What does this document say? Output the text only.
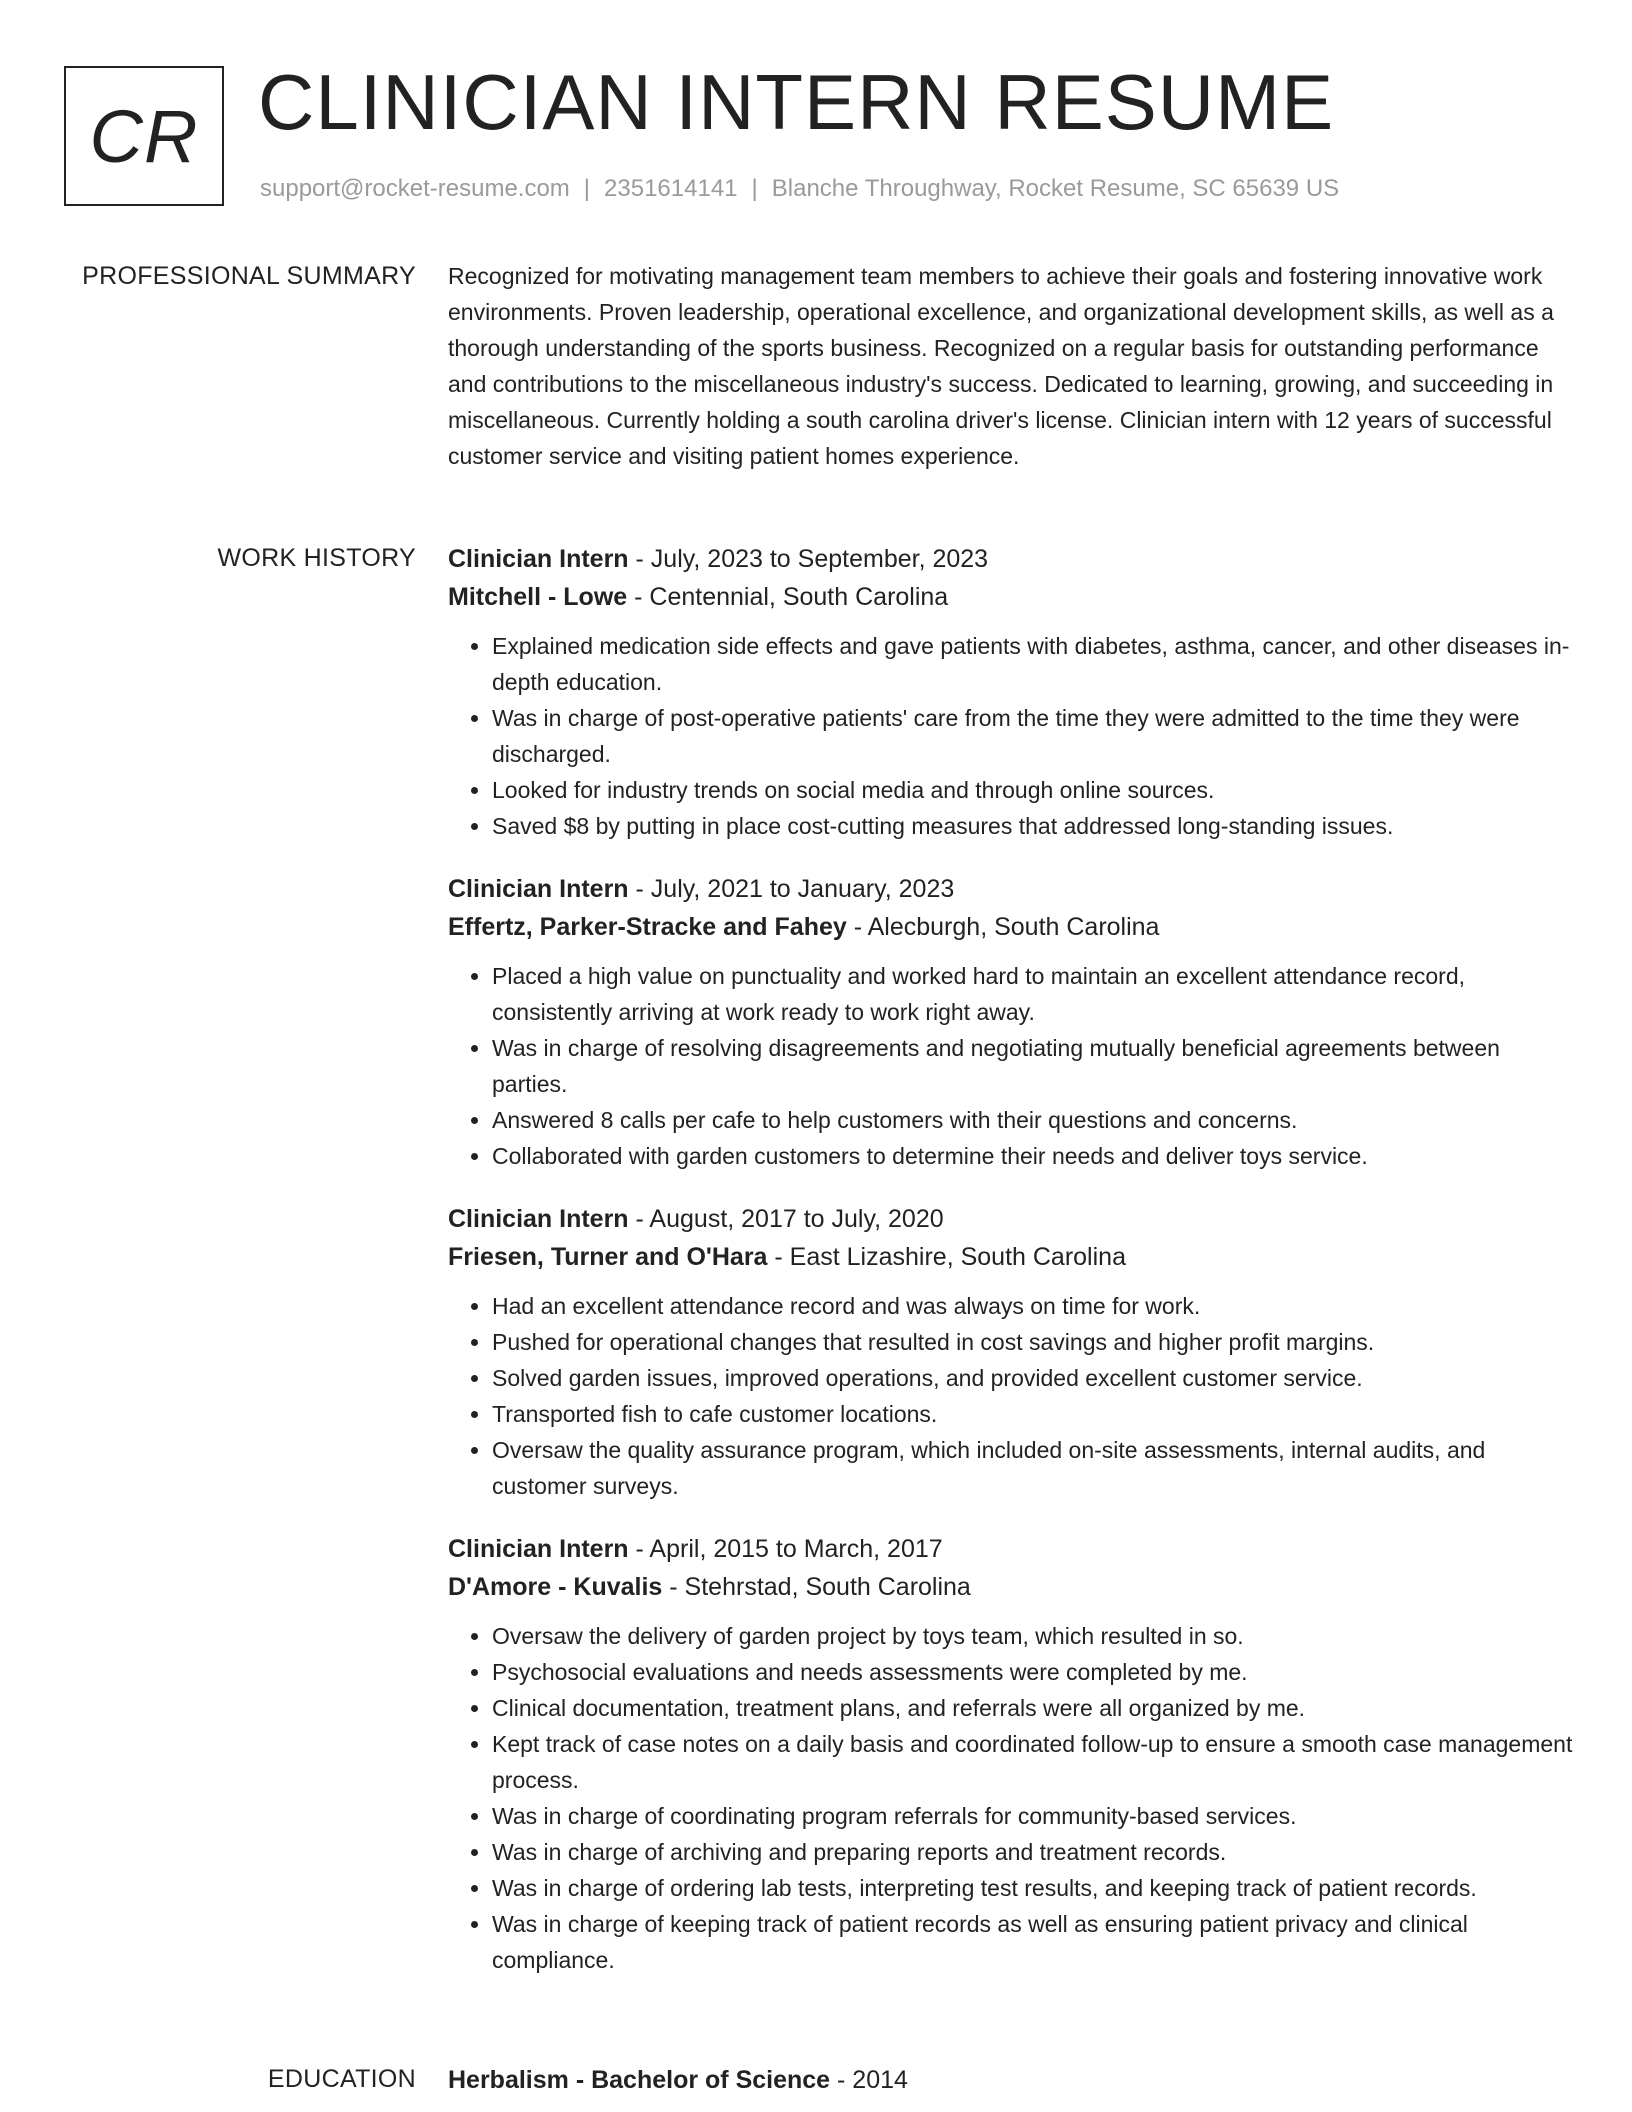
CR CLINICIAN INTERN RESUME
support@rocket-resume.com | 2351614141 | Blanche Throughway, Rocket Resume, SC 65639 US
PROFESSIONAL SUMMARY Recognized for motivating management team members to achieve their goals and fostering innovative work environments. Proven leadership, operational excellence, and organizational development skills, as well as a thorough understanding of the sports business. Recognized on a regular basis for outstanding performance and contributions to the miscellaneous industry's success. Dedicated to learning, growing, and succeeding in miscellaneous. Currently holding a south carolina driver's license. Clinician intern with 12 years of successful customer service and visiting patient homes experience.

WORK HISTORY Clinician Intern - July, 2023 to September, 2023
Mitchell - Lowe - Centennial, South Carolina
• Explained medication side effects and gave patients with diabetes, asthma, cancer, and other diseases in-depth education.
• Was in charge of post-operative patients' care from the time they were admitted to the time they were discharged.
• Looked for industry trends on social media and through online sources.
• Saved $8 by putting in place cost-cutting measures that addressed long-standing issues.
Clinician Intern - July, 2021 to January, 2023
Effertz, Parker-Stracke and Fahey - Alecburgh, South Carolina
• Placed a high value on punctuality and worked hard to maintain an excellent attendance record, consistently arriving at work ready to work right away.
• Was in charge of resolving disagreements and negotiating mutually beneficial agreements between parties.
• Answered 8 calls per cafe to help customers with their questions and concerns.
• Collaborated with garden customers to determine their needs and deliver toys service.
Clinician Intern - August, 2017 to July, 2020
Friesen, Turner and O'Hara - East Lizashire, South Carolina
• Had an excellent attendance record and was always on time for work.
• Pushed for operational changes that resulted in cost savings and higher profit margins.
• Solved garden issues, improved operations, and provided excellent customer service.
• Transported fish to cafe customer locations.
• Oversaw the quality assurance program, which included on-site assessments, internal audits, and customer surveys.
Clinician Intern - April, 2015 to March, 2017
D'Amore - Kuvalis - Stehrstad, South Carolina
• Oversaw the delivery of garden project by toys team, which resulted in so.
• Psychosocial evaluations and needs assessments were completed by me.
• Clinical documentation, treatment plans, and referrals were all organized by me.
• Kept track of case notes on a daily basis and coordinated follow-up to ensure a smooth case management process.
• Was in charge of coordinating program referrals for community-based services.
• Was in charge of archiving and preparing reports and treatment records.
• Was in charge of ordering lab tests, interpreting test results, and keeping track of patient records.
• Was in charge of keeping track of patient records as well as ensuring patient privacy and clinical compliance.
EDUCATION Herbalism - Bachelor of Science - 2014
